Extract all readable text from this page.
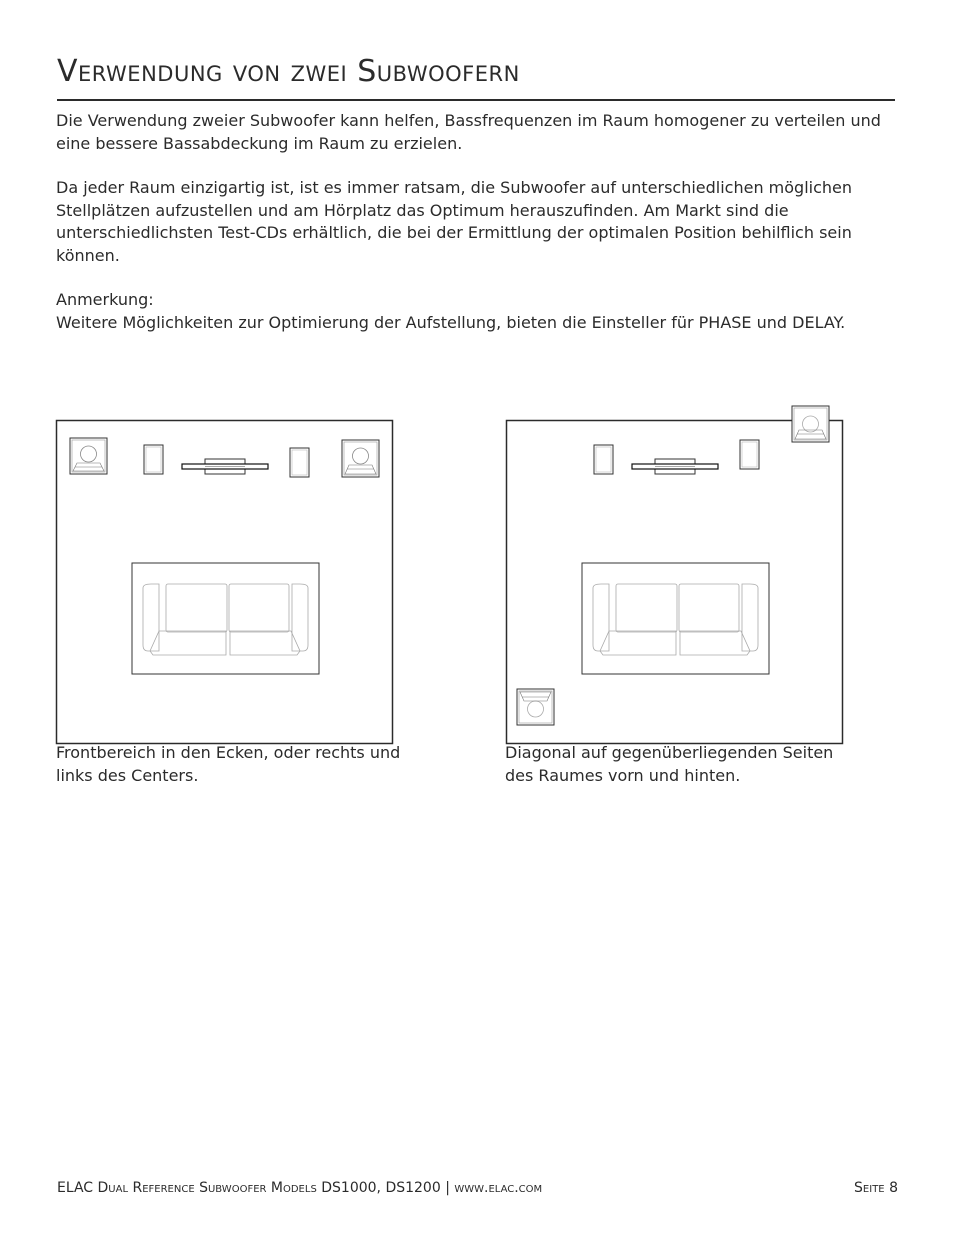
Verwendung von zwei Subwoofern

Die Verwendung zweier Subwoofer kann helfen, Bassfrequenzen im Raum homogener zu verteilen und eine bessere Bassabdeckung im Raum zu erzielen.

Da jeder Raum einzigartig ist, ist es immer ratsam, die Subwoofer auf unterschiedlichen möglichen Stellplätzen aufzustellen und am Hörplatz das Optimum herauszufinden. Am Markt sind die unterschiedlichsten Test-CDs erhältlich, die bei der Ermittlung der optimalen Position behilflich sein können.

Anmerkung:
Weitere Möglichkeiten zur Optimierung der Aufstellung, bieten die Einsteller für PHASE und DELAY.

Frontbereich in den Ecken, oder rechts und links des Centers.

Diagonal auf gegenüberliegenden Seiten des Raumes vorn und hinten.

ELAC Dual Reference Subwoofer Models DS1000, DS1200 | www.elac.com	Seite 8
